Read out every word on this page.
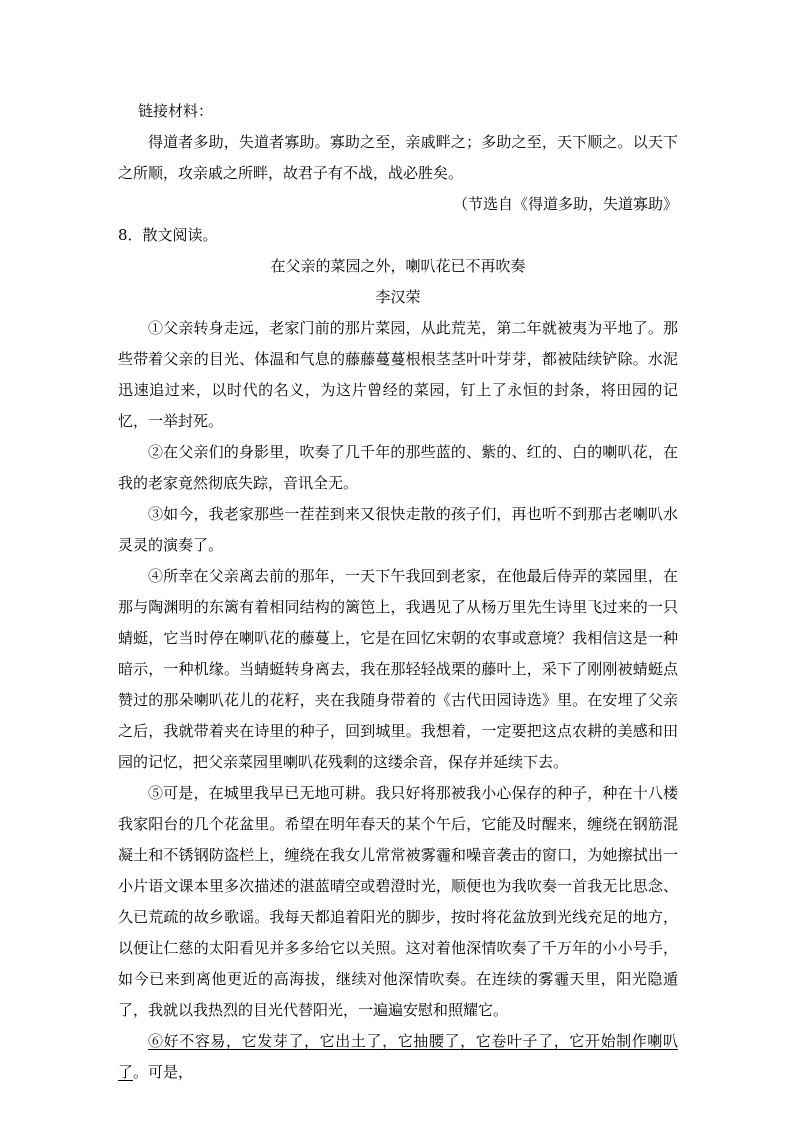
链接材料：

得道者多助，失道者寡助。寡助之至，亲戚畔之；多助之至，天下顺之。以天下之所顺，攻亲戚之所畔，故君子有不战，战必胜矣。

（节选自《得道多助，失道寡助》
8．散文阅读。
在父亲的菜园之外，喇叭花已不再吹奏
李汉荣

①父亲转身走远，老家门前的那片菜园，从此荒芜，第二年就被夷为平地了。那些带着父亲的目光、体温和气息的藤藤蔓蔓根根茎茎叶叶芽芽，都被陆续铲除。水泥迅速追过来，以时代的名义，为这片曾经的菜园，钉上了永恒的封条，将田园的记忆，一举封死。

②在父亲们的身影里，吹奏了几千年的那些蓝的、紫的、红的、白的喇叭花，在我的老家竟然彻底失踪，音讯全无。

③如今，我老家那些一茬茬到来又很快走散的孩子们，再也听不到那古老喇叭水灵灵的演奏了。

④所幸在父亲离去前的那年，一天下午我回到老家，在他最后侍弄的菜园里，在那与陶渊明的东篱有着相同结构的篱笆上，我遇见了从杨万里先生诗里飞过来的一只蜻蜓，它当时停在喇叭花的藤蔓上，它是在回忆宋朝的农事或意境？我相信这是一种暗示，一种机缘。当蜻蜓转身离去，我在那轻轻战栗的藤叶上，采下了刚刚被蜻蜓点赞过的那朵喇叭花儿的花籽，夹在我随身带着的《古代田园诗选》里。在安埋了父亲之后，我就带着夹在诗里的种子，回到城里。我想着，一定要把这点农耕的美感和田园的记忆，把父亲菜园里喇叭花残剩的这缕余音，保存并延续下去。

⑤可是，在城里我早已无地可耕。我只好将那被我小心保存的种子，种在十八楼我家阳台的几个花盆里。希望在明年春天的某个午后，它能及时醒来，缠绕在钢筋混凝土和不锈钢防盗栏上，缠绕在我女儿常常被雾霾和噪音袭击的窗口，为她擦拭出一小片语文课本里多次描述的湛蓝晴空或碧澄时光，顺便也为我吹奏一首我无比思念、久已荒疏的故乡歌谣。我每天都追着阳光的脚步，按时将花盆放到光线充足的地方，以便让仁慈的太阳看见并多多给它以关照。这对着他深情吹奏了千万年的小小号手，如今已来到离他更近的高海拔，继续对他深情吹奏。在连续的雾霾天里，阳光隐遁了，我就以我热烈的目光代替阳光，一遍遍安慰和照耀它。

⑥好不容易，它发芽了，它出土了，它抽腰了，它卷叶子了，它开始制作喇叭了。可是，
